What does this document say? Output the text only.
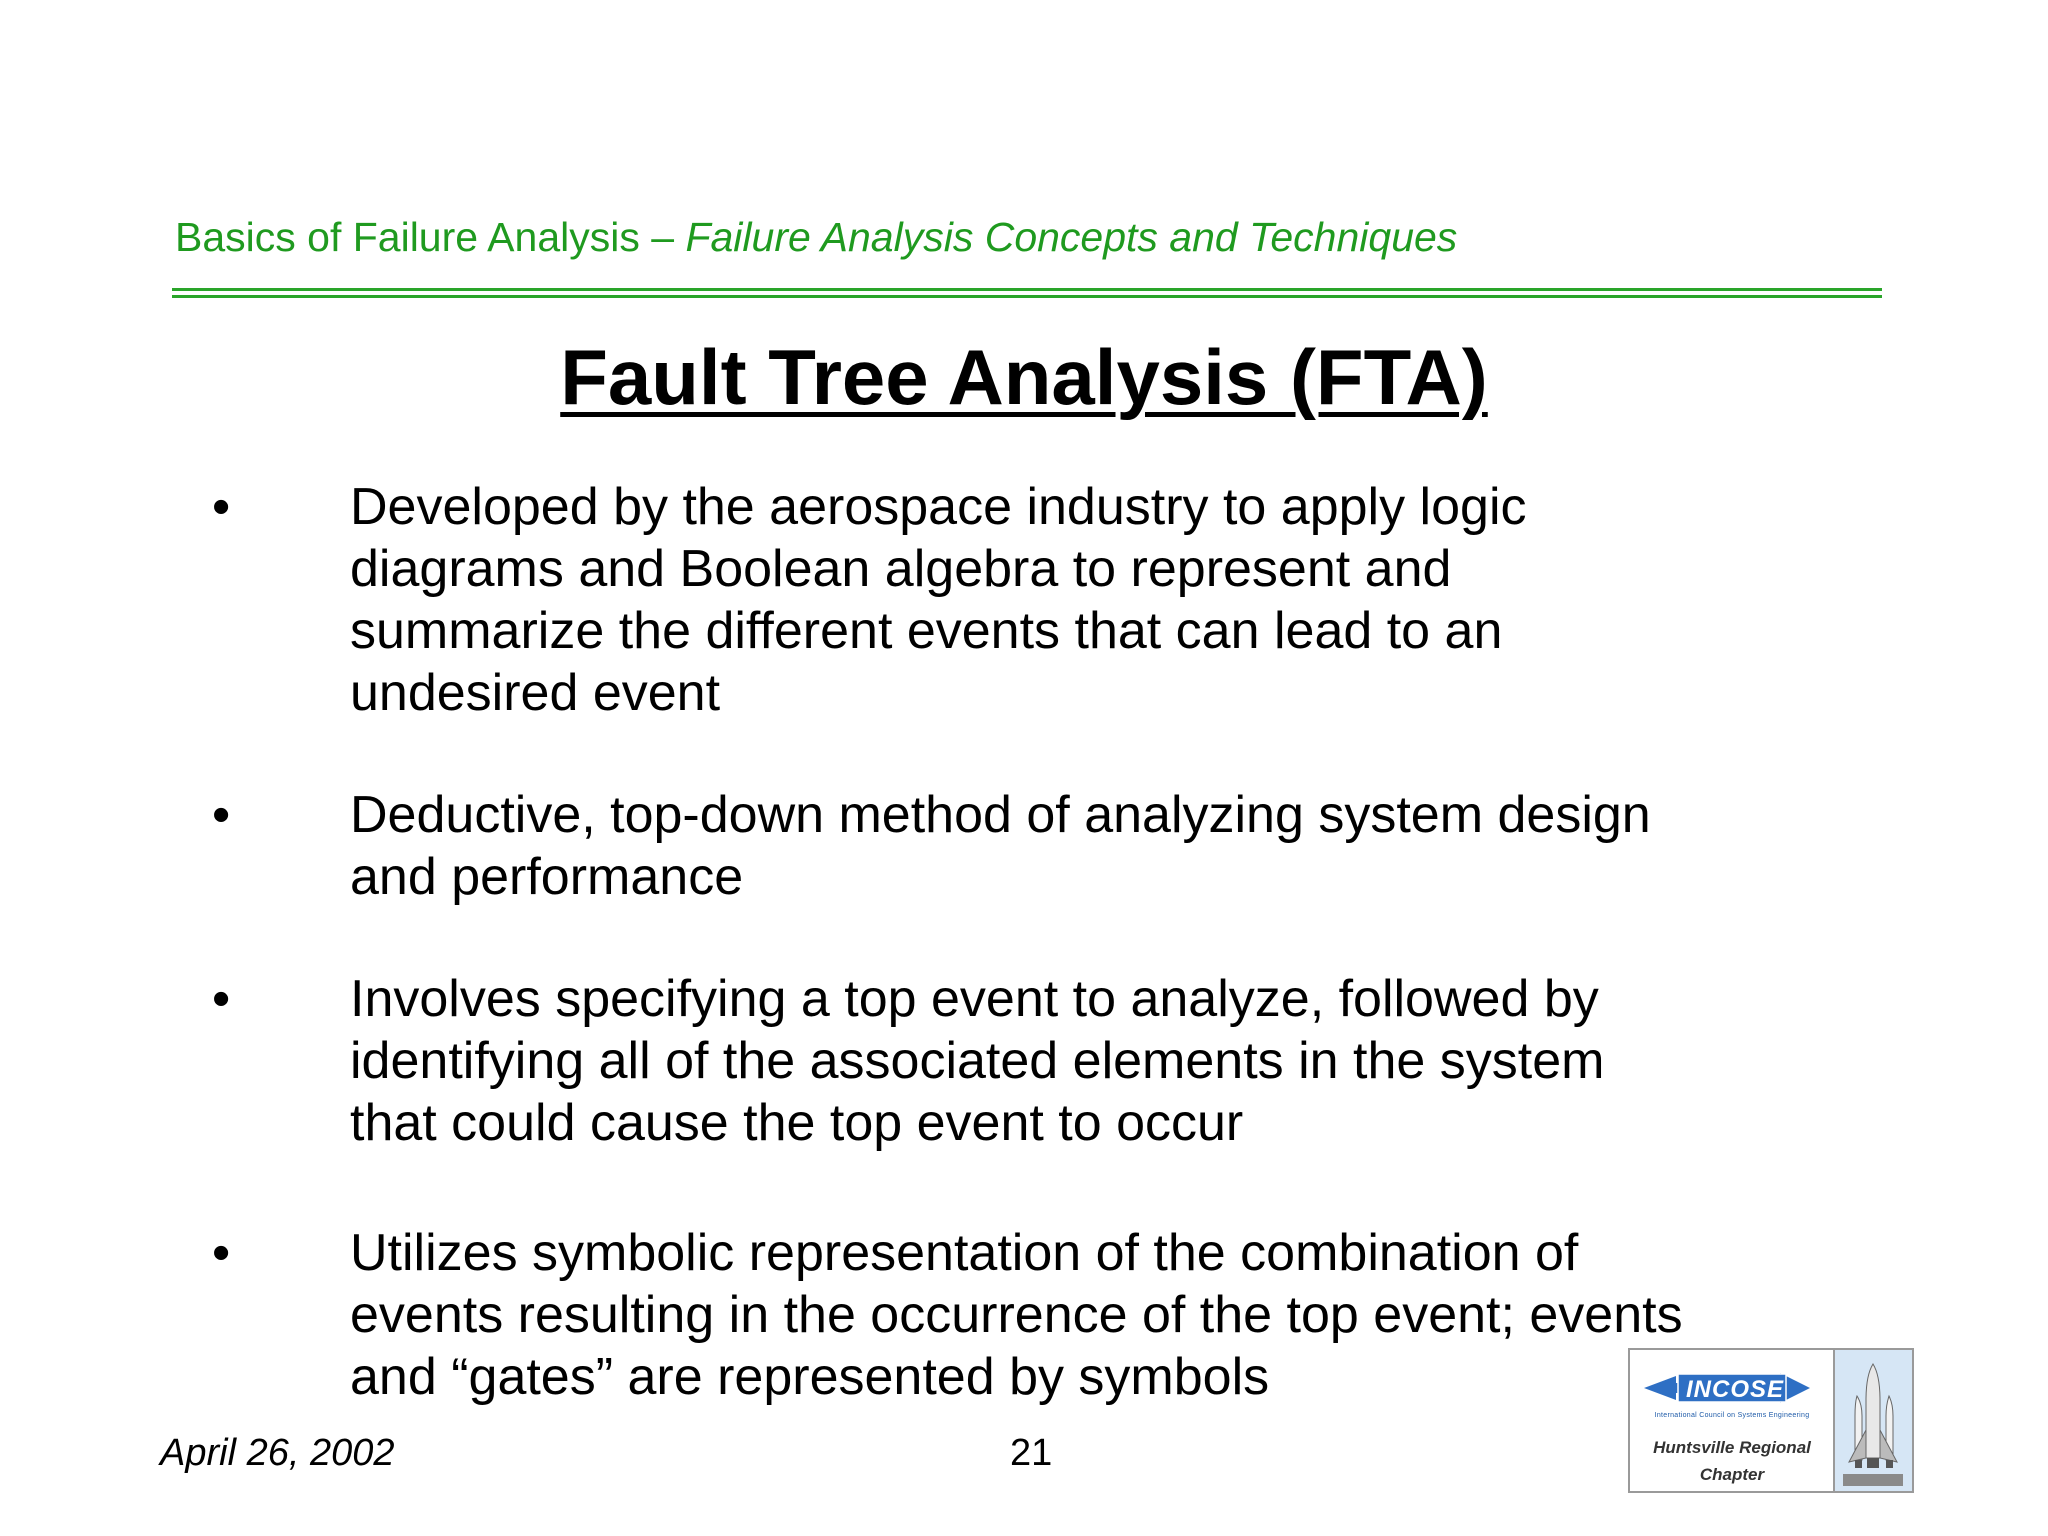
Basics of Failure Analysis – Failure Analysis Concepts and Techniques
Fault Tree Analysis (FTA)
• Developed by the aerospace industry to apply logic
diagrams and Boolean algebra to represent and
summarize the different events that can lead to an
undesired event
• Deductive, top-down method of analyzing system design
and performance
• Involves specifying a top event to analyze, followed by
identifying all of the associated elements in the system
that could cause the top event to occur
• Utilizes symbolic representation of the combination of
events resulting in the occurrence of the top event; events
and “gates” are represented by symbols
April 26, 2002	21
INCOSE
International Council on Systems Engineering
Huntsville Regional
Chapter
